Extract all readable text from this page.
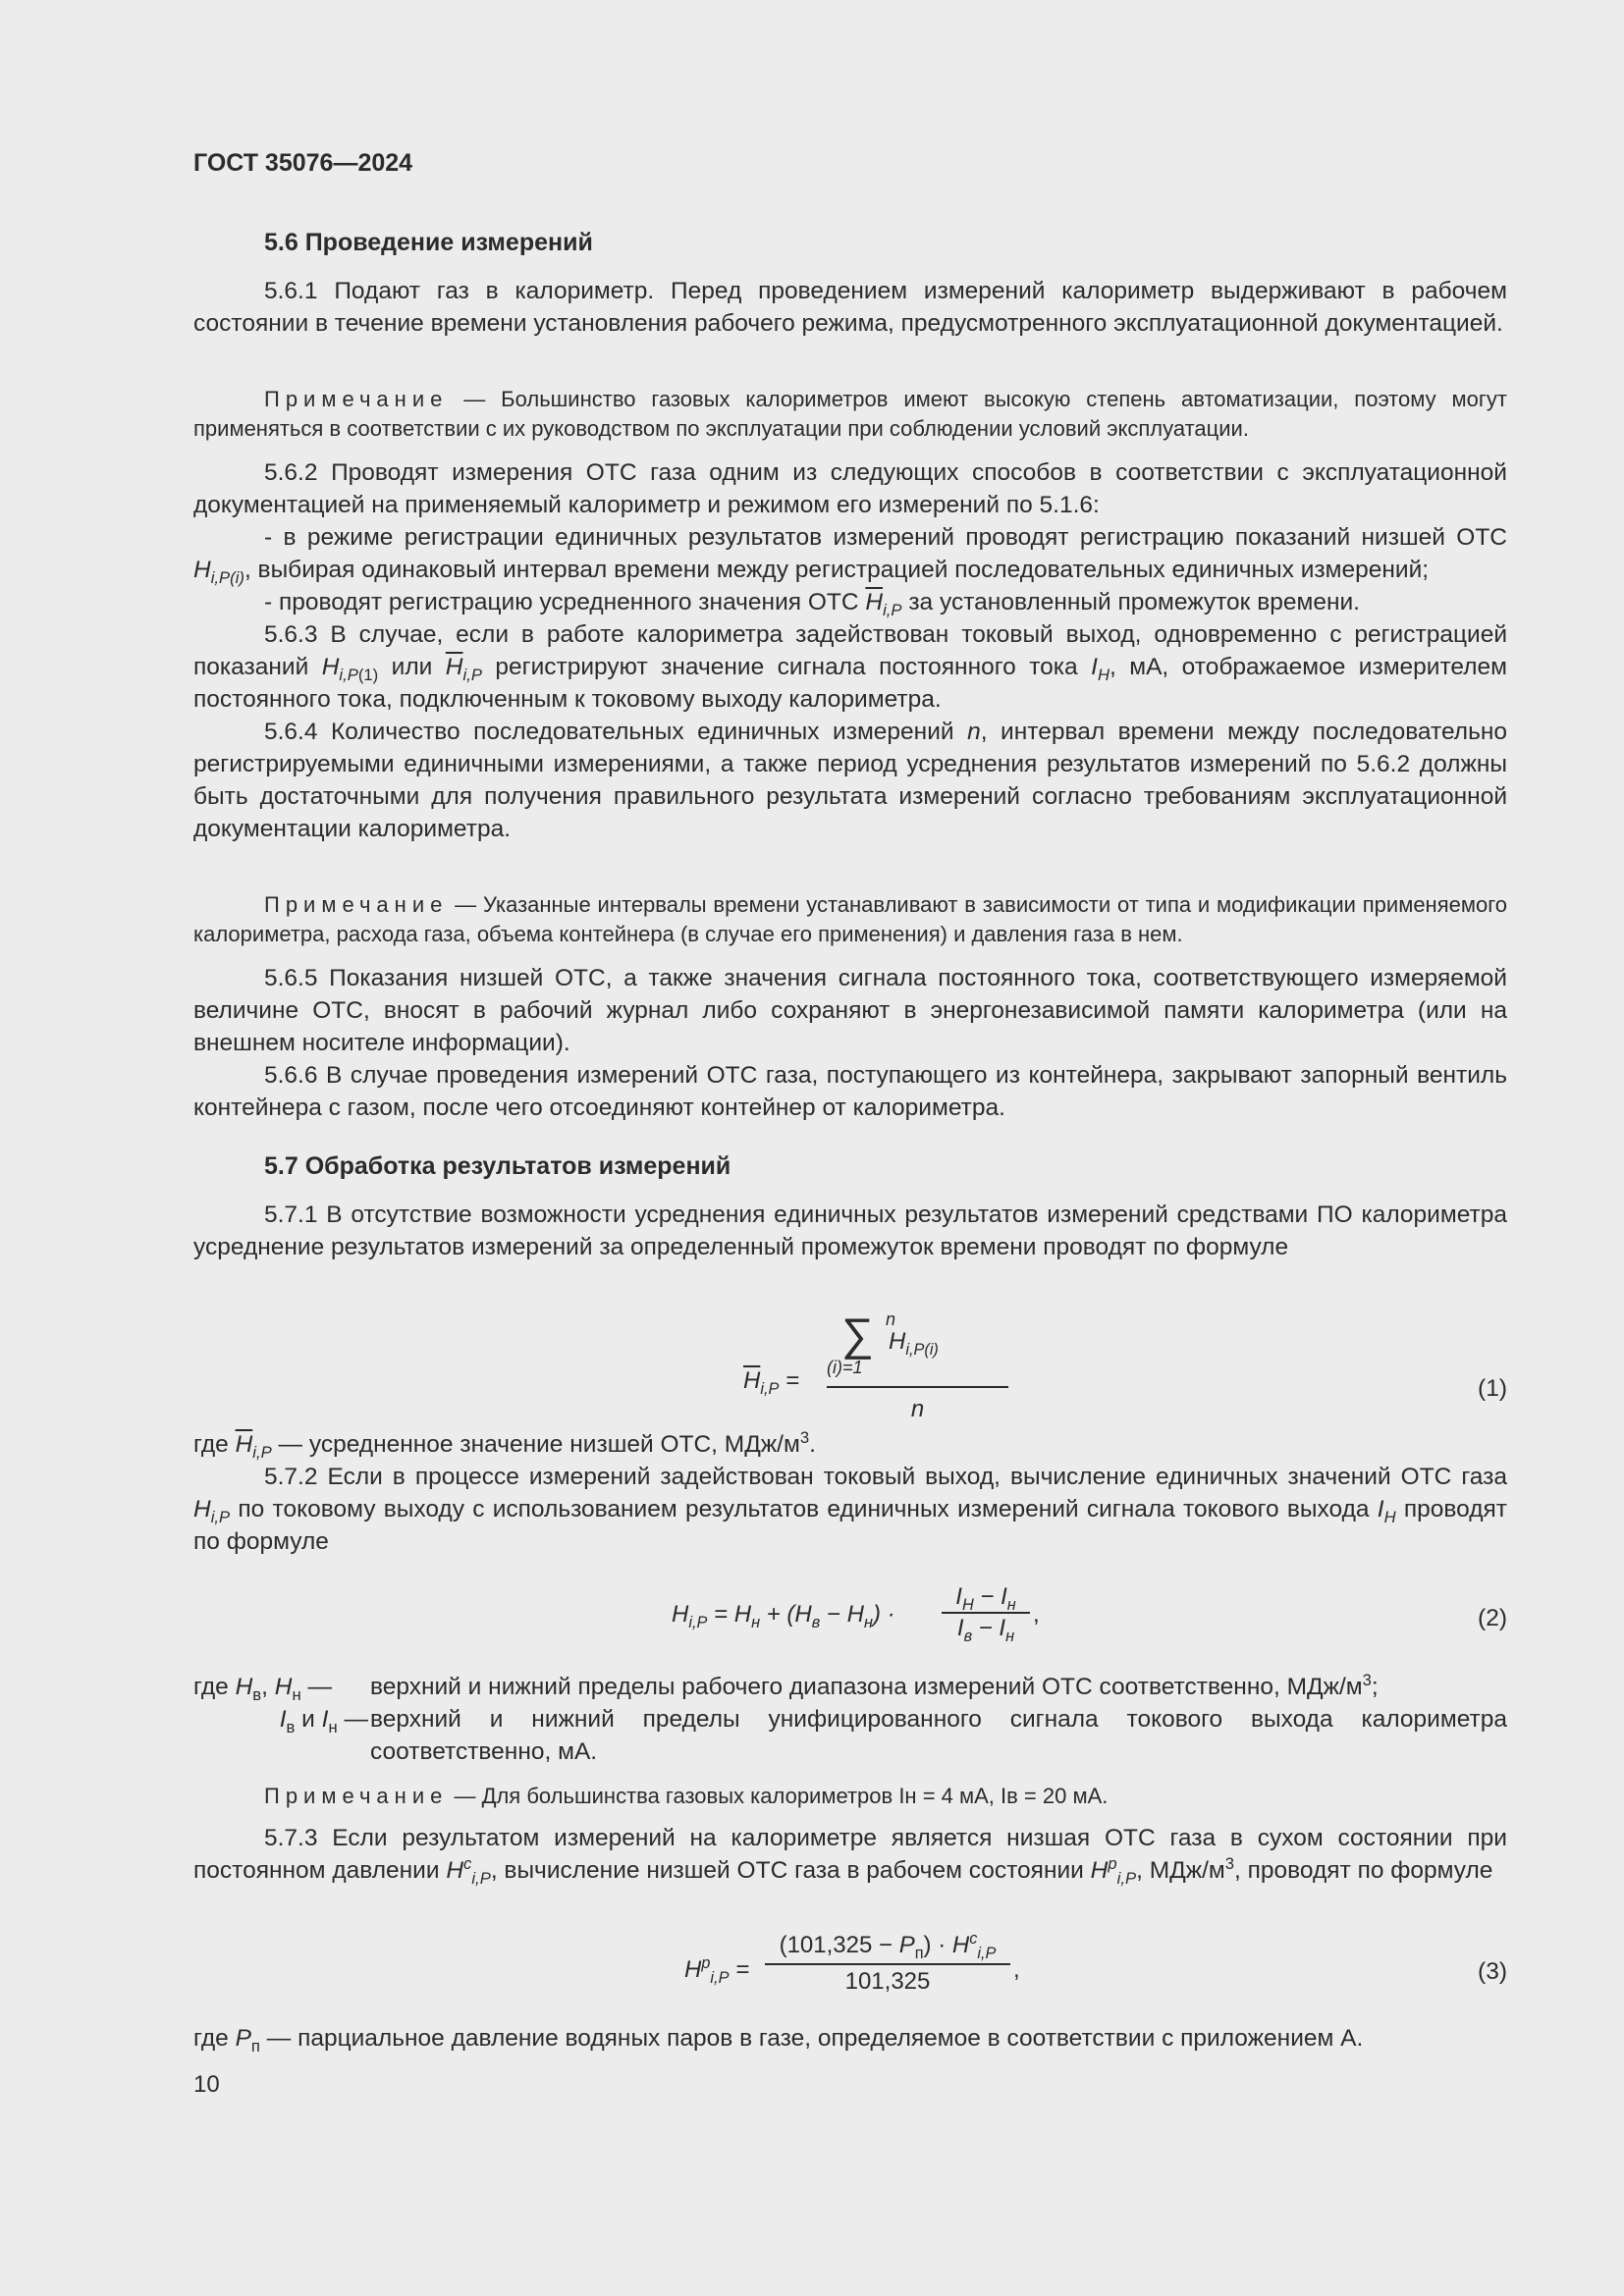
ГОСТ 35076—2024
5.6 Проведение измерений

5.6.1 Подают газ в калориметр. Перед проведением измерений калориметр выдерживают в рабочем состоянии в течение времени установления рабочего режима, предусмотренного эксплуатационной документацией.

Примечание — Большинство газовых калориметров имеют высокую степень автоматизации, поэтому могут применяться в соответствии с их руководством по эксплуатации при соблюдении условий эксплуатации.

5.6.2 Проводят измерения ОТС газа одним из следующих способов в соответствии с эксплуатационной документацией на применяемый калориметр и режимом его измерений по 5.1.6:

- в режиме регистрации единичных результатов измерений проводят регистрацию показаний низшей ОТС $H_{i,P(i)}$, выбирая одинаковый интервал времени между регистрацией последовательных единичных измерений;

- проводят регистрацию усредненного значения ОТС $\overline{H}_{i,P}$ за установленный промежуток времени.

5.6.3 В случае, если в работе калориметра задействован токовый выход, одновременно с регистрацией показаний $H_{i,P(1)}$ или $\overline{H}_{i,P}$ регистрируют значение сигнала постоянного тока $I_H$, мА, отображаемое измерителем постоянного тока, подключенным к токовому выходу калориметра.

5.6.4 Количество последовательных единичных измерений n, интервал времени между последовательно регистрируемыми единичными измерениями, а также период усреднения результатов измерений по 5.6.2 должны быть достаточными для получения правильного результата измерений согласно требованиям эксплуатационной документации калориметра.

Примечание — Указанные интервалы времени устанавливают в зависимости от типа и модификации применяемого калориметра, расхода газа, объема контейнера (в случае его применения) и давления газа в нем.

5.6.5 Показания низшей ОТС, а также значения сигнала постоянного тока, соответствующего измеряемой величине ОТС, вносят в рабочий журнал либо сохраняют в энергонезависимой памяти калориметра (или на внешнем носителе информации).

5.6.6 В случае проведения измерений ОТС газа, поступающего из контейнера, закрывают запорный вентиль контейнера с газом, после чего отсоединяют контейнер от калориметра.

5.7 Обработка результатов измерений

5.7.1 В отсутствие возможности усреднения единичных результатов измерений средствами ПО калориметра усреднение результатов измерений за определенный промежуток времени проводят по формуле

$\overline{H}_{i,P}$ =
n
∑ $H_{i,P(i)}$
(i)=1
n
(1)

где $\overline{H}_{i,P}$ — усредненное значение низшей ОТС, МДж/$м^3$.

5.7.2 Если в процессе измерений задействован токовый выход, вычисление единичных значений ОТС газа $H_{i,P}$ по токовому выходу с использованием результатов единичных измерений сигнала токового выхода $I_H$ проводят по формуле

$H_{i,P} = H_н + (H_в - H_н)$ ·
$I_Н - I_н$
$I_в - I_н$
,	(2)
где $H_в$, $H_н$ —	верхний и нижний пределы рабочего диапазона измерений ОТС соответственно, МДж/$м^3$;
$I_в$ и $I_н$ — верхний и нижний пределы унифицированного сигнала токового выхода калориметра соответственно, мА.

Примечание — Для большинства газовых калориметров Iн = 4 мА, Iв = 20 мА.

5.7.3 Если результатом измерений на калориметре является низшая ОТС газа в сухом состоянии при постоянном давлении $H^c_{i,P}$, вычисление низшей ОТС газа в рабочем состоянии $H^p_{i,P}$, МДж/$м^3$, проводят по формуле

$H^p_{i,P}$ =
$(101,325 - P_п) \cdot H^c_{i,P}$
101,325	,	(3)

где $P_п$ — парциальное давление водяных паров в газе, определяемое в соответствии с приложением А.

10
